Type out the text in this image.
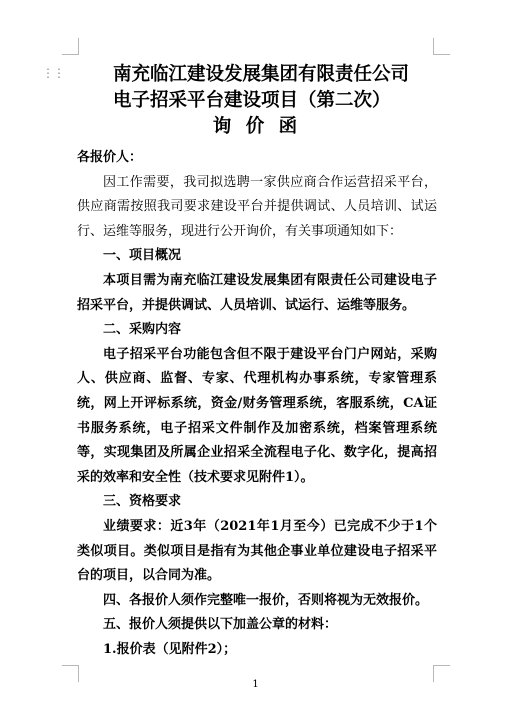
⋮⋮	南充临江建设发展集团有限责任公司
电子招采平台建设项目（第二次）
询 价 函

各报价人：

因工作需要，我司拟选聘一家供应商合作运营招采平台，供应商需按照我司要求建设平台并提供调试、人员培训、试运行、运维等服务，现进行公开询价，有关事项通知如下：

一、项目概况

本项目需为南充临江建设发展集团有限责任公司建设电子招采平台，并提供调试、人员培训、试运行、运维等服务。

二、采购内容

电子招采平台功能包含但不限于建设平台门户网站，采购人、供应商、监督、专家、代理机构办事系统，专家管理系统，网上开评标系统，资金/财务管理系统，客服系统，CA证书服务系统，电子招采文件制作及加密系统，档案管理系统等，实现集团及所属企业招采全流程电子化、数字化，提高招采的效率和安全性（技术要求见附件1）。

三、资格要求

业绩要求：近3年（2021年1月至今）已完成不少于1个类似项目。类似项目是指有为其他企事业单位建设电子招采平台的项目，以合同为准。

四、各报价人须作完整唯一报价，否则将视为无效报价。

五、报价人须提供以下加盖公章的材料：

1.报价表（见附件2）；

1
